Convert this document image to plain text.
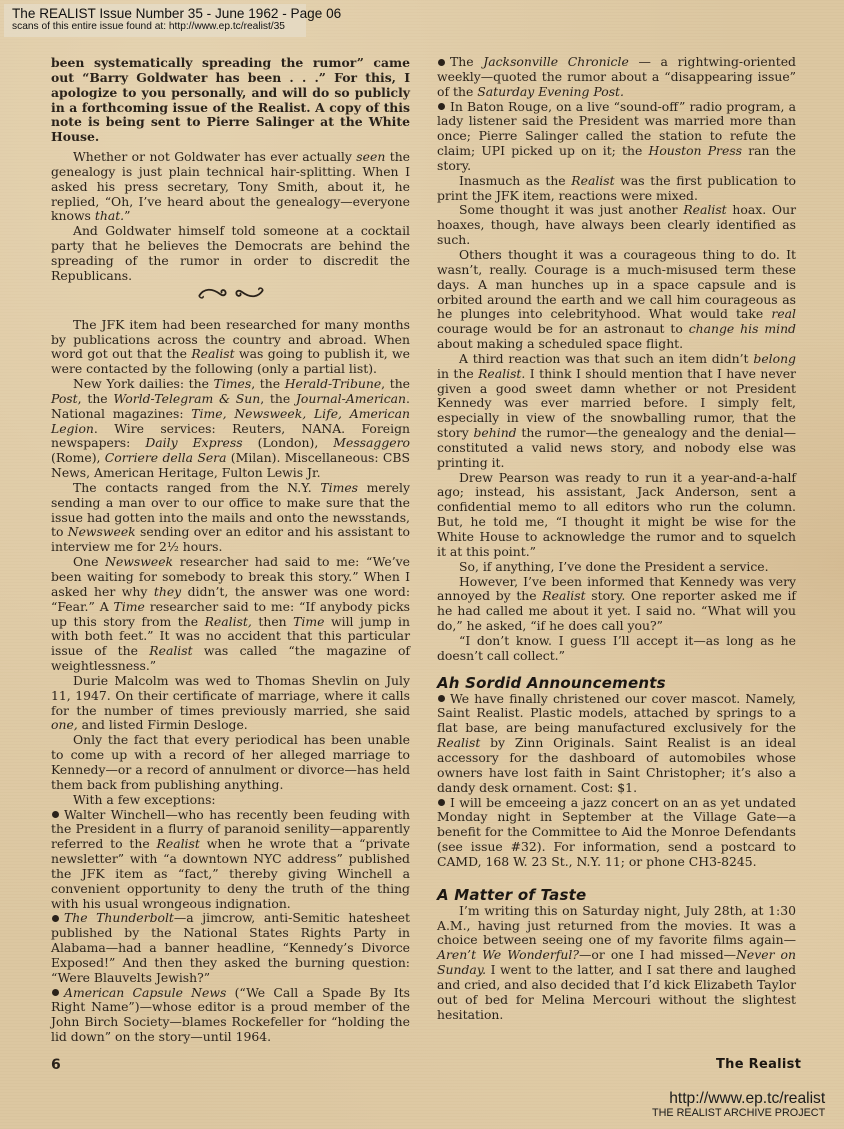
The REALIST Issue Number 35 - June 1962 - Page 06
scans of this entire issue found at: http://www.ep.tc/realist/35

been systematically spreading the rumor” came out “Barry Goldwater has been . . .” For this, I apologize to you personally, and will do so publicly in a forthcoming issue of the Realist. A copy of this note is being sent to Pierre Salinger at the White House.

Whether or not Goldwater has ever actually seen the genealogy is just plain technical hair-splitting. When I asked his press secretary, Tony Smith, about it, he replied, “Oh, I’ve heard about the genealogy—everyone knows that.”

And Goldwater himself told someone at a cocktail party that he believes the Democrats are behind the spreading of the rumor in order to discredit the Republicans.

The JFK item had been researched for many months by publications across the country and abroad. When word got out that the Realist was going to publish it, we were contacted by the following (only a partial list).

New York dailies: the Times, the Herald-Tribune, the Post, the World-Telegram & Sun, the Journal-American. National magazines: Time, Newsweek, Life, American Legion. Wire services: Reuters, NANA. Foreign newspapers: Daily Express (London), Messaggero (Rome), Corriere della Sera (Milan). Miscellaneous: CBS News, American Heritage, Fulton Lewis Jr.

The contacts ranged from the N.Y. Times merely sending a man over to our office to make sure that the issue had gotten into the mails and onto the newsstands, to Newsweek sending over an editor and his assistant to interview me for 2½ hours.

One Newsweek researcher had said to me: “We’ve been waiting for somebody to break this story.” When I asked her why they didn’t, the answer was one word: “Fear.” A Time researcher said to me: “If anybody picks up this story from the Realist, then Time will jump in with both feet.” It was no accident that this particular issue of the Realist was called “the magazine of weightlessness.”

Durie Malcolm was wed to Thomas Shevlin on July 11, 1947. On their certificate of marriage, where it calls for the number of times previously married, she said one, and listed Firmin Desloge.

Only the fact that every periodical has been unable to come up with a record of her alleged marriage to Kennedy—or a record of annulment or divorce—has held them back from publishing anything.

With a few exceptions:

Walter Winchell—who has recently been feuding with the President in a flurry of paranoid senility—apparently referred to the Realist when he wrote that a “private newsletter” with “a downtown NYC address” published the JFK item as “fact,” thereby giving Winchell a convenient opportunity to deny the truth of the thing with his usual wrongeous indignation.

The Thunderbolt—a jimcrow, anti-Semitic hatesheet published by the National States Rights Party in Alabama—had a banner headline, “Kennedy’s Divorce Exposed!” And then they asked the burning question: “Were Blauvelts Jewish?”

American Capsule News (“We Call a Spade By Its Right Name”)—whose editor is a proud member of the John Birch Society—blames Rockefeller for “holding the lid down” on the story—until 1964.

The Jacksonville Chronicle — a rightwing-oriented weekly—quoted the rumor about a “disappearing issue” of the Saturday Evening Post.

In Baton Rouge, on a live “sound-off” radio program, a lady listener said the President was married more than once; Pierre Salinger called the station to refute the claim; UPI picked up on it; the Houston Press ran the story.

Inasmuch as the Realist was the first publication to print the JFK item, reactions were mixed.

Some thought it was just another Realist hoax. Our hoaxes, though, have always been clearly identified as such.

Others thought it was a courageous thing to do. It wasn’t, really. Courage is a much-misused term these days. A man hunches up in a space capsule and is orbited around the earth and we call him courageous as he plunges into celebrityhood. What would take real courage would be for an astronaut to change his mind about making a scheduled space flight.

A third reaction was that such an item didn’t belong in the Realist. I think I should mention that I have never given a good sweet damn whether or not President Kennedy was ever married before. I simply felt, especially in view of the snowballing rumor, that the story behind the rumor—the genealogy and the denial—constituted a valid news story, and nobody else was printing it.

Drew Pearson was ready to run it a year-and-a-half ago; instead, his assistant, Jack Anderson, sent a confidential memo to all editors who run the column. But, he told me, “I thought it might be wise for the White House to acknowledge the rumor and to squelch it at this point.”

So, if anything, I’ve done the President a service.

However, I’ve been informed that Kennedy was very annoyed by the Realist story. One reporter asked me if he had called me about it yet. I said no. “What will you do,” he asked, “if he does call you?”

“I don’t know. I guess I’ll accept it—as long as he doesn’t call collect.”

Ah Sordid Announcements

We have finally christened our cover mascot. Namely, Saint Realist. Plastic models, attached by springs to a flat base, are being manufactured exclusively for the Realist by Zinn Originals. Saint Realist is an ideal accessory for the dashboard of automobiles whose owners have lost faith in Saint Christopher; it’s also a dandy desk ornament. Cost: $1.

I will be emceeing a jazz concert on an as yet undated Monday night in September at the Village Gate—a benefit for the Committee to Aid the Monroe Defendants (see issue #32). For information, send a postcard to CAMD, 168 W. 23 St., N.Y. 11; or phone CH3-8245.

A Matter of Taste

I’m writing this on Saturday night, July 28th, at 1:30 A.M., having just returned from the movies. It was a choice between seeing one of my favorite films again—Aren’t We Wonderful?—or one I had missed—Never on Sunday. I went to the latter, and I sat there and laughed and cried, and also decided that I’d kick Elizabeth Taylor out of bed for Melina Mercouri without the slightest hesitation.

6	The Realist
http://www.ep.tc/realist
THE REALIST ARCHIVE PROJECT
